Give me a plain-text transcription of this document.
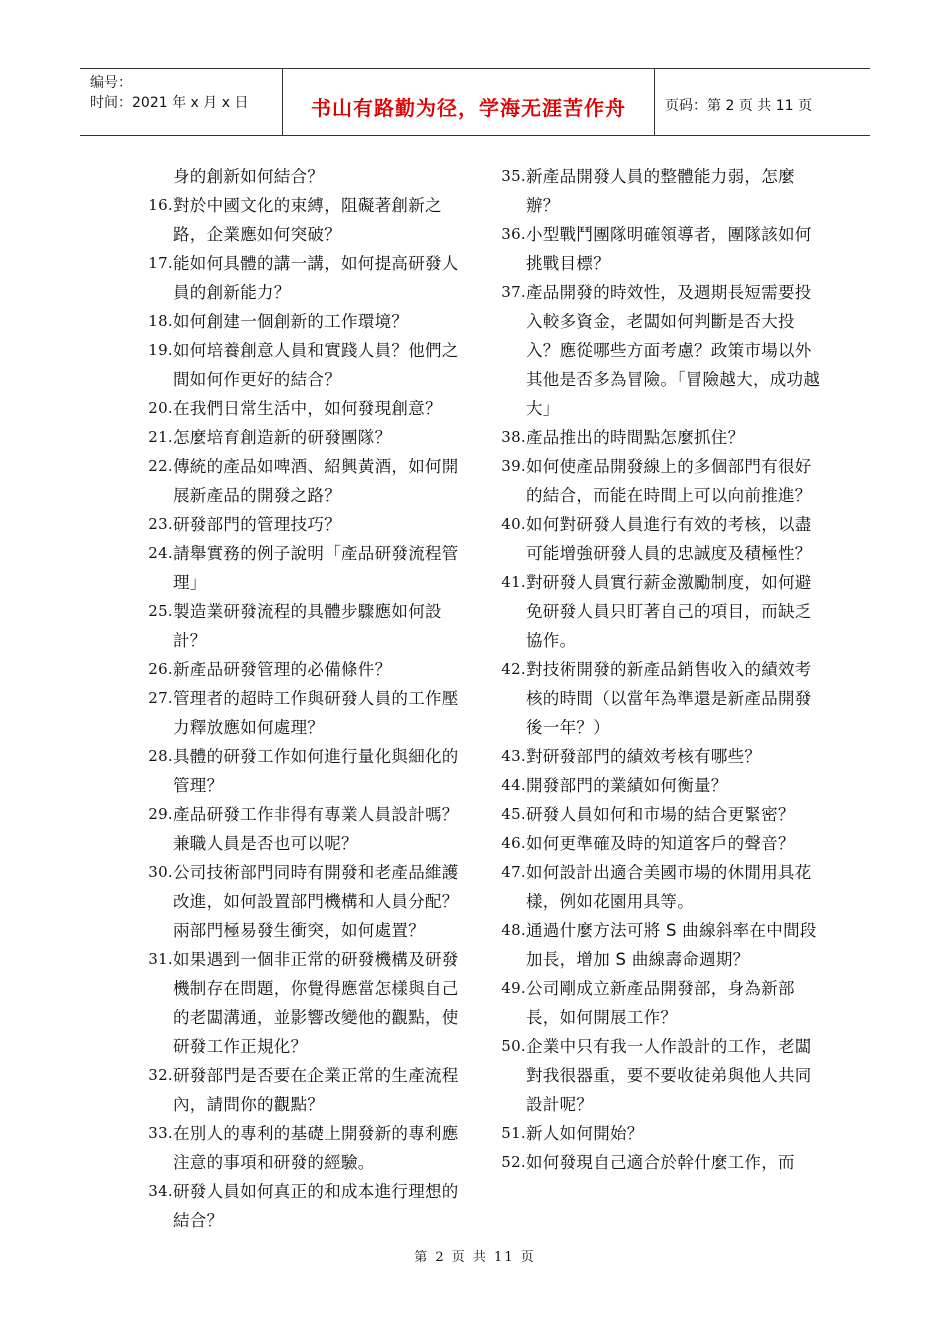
编号：
时间：2021 年 x 月 x 日	书山有路勤为径，学海无涯苦作舟	页码：第 2 页 共 11 页
身的創新如何結合？
16. 對於中國文化的束縛，阻礙著創新之路，企業應如何突破？
17. 能如何具體的講一講，如何提高研發人員的創新能力？
18. 如何創建一個創新的工作環境？
19. 如何培養創意人員和實踐人員？他們之間如何作更好的結合？
20. 在我們日常生活中，如何發現創意？
21. 怎麼培育創造新的研發團隊？
22. 傳統的產品如啤酒、紹興黃酒，如何開展新產品的開發之路？
23. 研發部門的管理技巧？
24. 請舉實務的例子說明「產品研發流程管理」
25. 製造業研發流程的具體步驟應如何設計？
26. 新產品研發管理的必備條件？
27. 管理者的超時工作與研發人員的工作壓力釋放應如何處理？
28. 具體的研發工作如何進行量化與細化的管理？
29. 產品研發工作非得有專業人員設計嗎？兼職人員是否也可以呢？
30. 公司技術部門同時有開發和老產品維護改進，如何設置部門機構和人員分配？兩部門極易發生衝突，如何處置？
31. 如果遇到一個非正常的研發機構及研發機制存在問題，你覺得應當怎樣與自己的老闆溝通，並影響改變他的觀點，使研發工作正規化？
32. 研發部門是否要在企業正常的生產流程內，請問你的觀點？
33. 在別人的專利的基礎上開發新的專利應注意的事項和研發的經驗。
34. 研發人員如何真正的和成本進行理想的結合？
35. 新產品開發人員的整體能力弱，怎麼辦？
36. 小型戰鬥團隊明確領導者，團隊該如何挑戰目標？
37. 產品開發的時效性，及週期長短需要投入較多資金，老闆如何判斷是否大投入？應從哪些方面考慮？政策市場以外其他是否多為冒險。「冒險越大，成功越大」
38. 產品推出的時間點怎麼抓住？
39. 如何使產品開發線上的多個部門有很好的結合，而能在時間上可以向前推進？
40. 如何對研發人員進行有效的考核，以盡可能增強研發人員的忠誠度及積極性？
41. 對研發人員實行薪金激勵制度，如何避免研發人員只盯著自己的項目，而缺乏協作。
42. 對技術開發的新產品銷售收入的績效考核的時間（以當年為準還是新產品開發後一年？）
43. 對研發部門的績效考核有哪些？
44. 開發部門的業績如何衡量？
45. 研發人員如何和市場的結合更緊密？
46. 如何更準確及時的知道客戶的聲音？
47. 如何設計出適合美國市場的休閒用具花樣，例如花園用具等。
48. 通過什麼方法可將 S 曲線斜率在中間段加長，增加 S 曲線壽命週期？
49. 公司剛成立新產品開發部，身為新部長，如何開展工作？
50. 企業中只有我一人作設計的工作，老闆對我很器重，要不要收徒弟與他人共同設計呢？
51. 新人如何開始？
52. 如何發現自己適合於幹什麼工作，而
第 2 页 共 11 页
